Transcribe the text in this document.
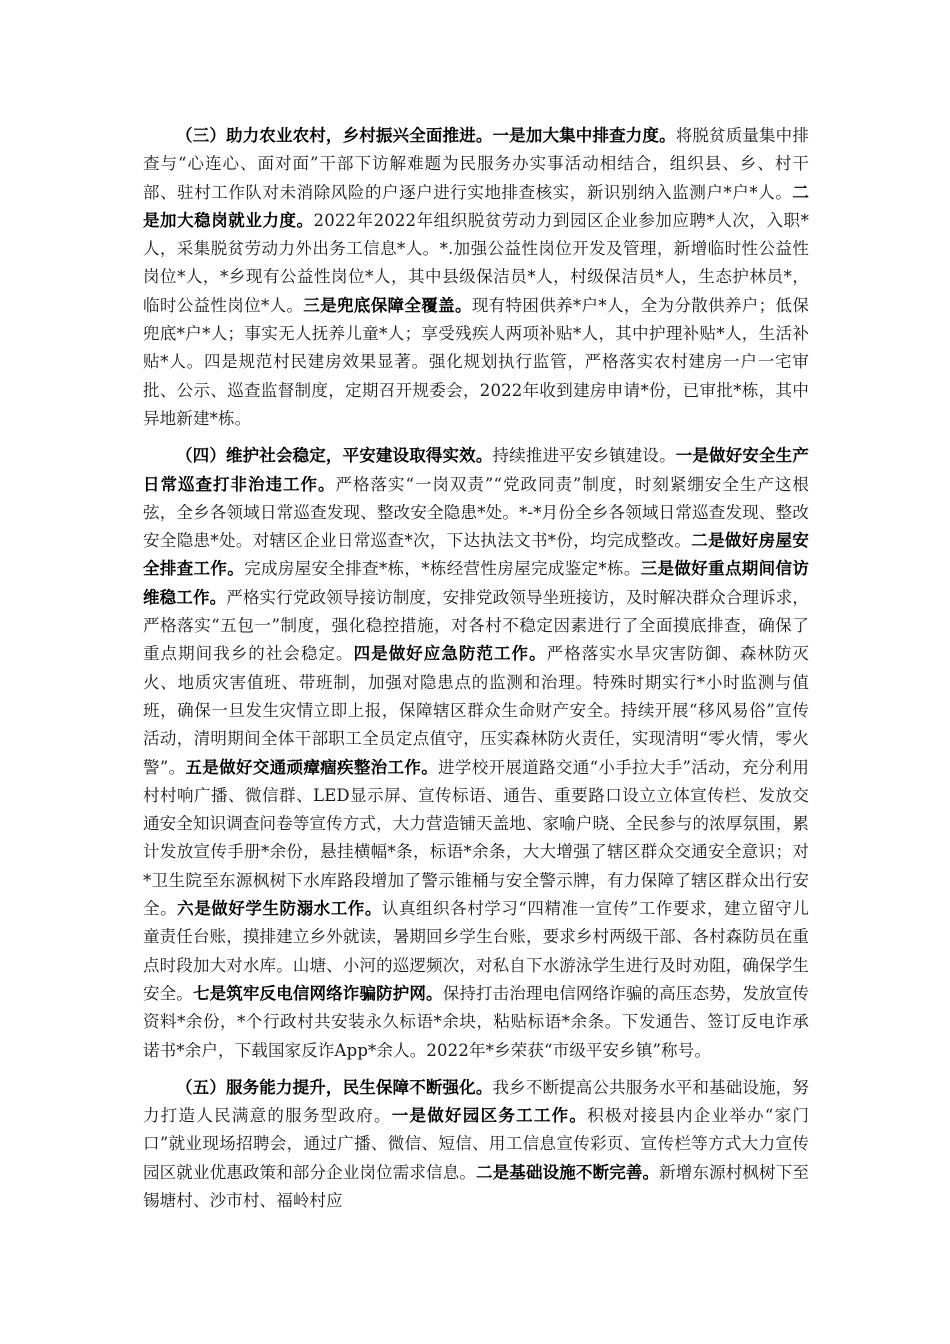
（三）助力农业农村，乡村振兴全面推进。一是加大集中排查力度。将脱贫质量集中排查与“心连心、面对面”干部下访解难题为民服务办实事活动相结合，组织县、乡、村干部、驻村工作队对未消除风险的户逐户进行实地排查核实，新识别纳入监测户*户*人。二是加大稳岗就业力度。2022年2022年组织脱贫劳动力到园区企业参加应聘*人次，入职*人，采集脱贫劳动力外出务工信息*人。*.加强公益性岗位开发及管理，新增临时性公益性岗位*人，*乡现有公益性岗位*人，其中县级保洁员*人，村级保洁员*人，生态护林员*，临时公益性岗位*人。三是兜底保障全覆盖。现有特困供养*户*人，全为分散供养户；低保兜底*户*人；事实无人抚养儿童*人；享受残疾人两项补贴*人，其中护理补贴*人，生活补贴*人。四是规范村民建房效果显著。强化规划执行监管，严格落实农村建房一户一宅审批、公示、巡查监督制度，定期召开规委会，2022年收到建房申请*份，已审批*栋，其中异地新建*栋。

（四）维护社会稳定，平安建设取得实效。持续推进平安乡镇建设。一是做好安全生产日常巡查打非治违工作。严格落实“一岗双责”“党政同责”制度，时刻紧绷安全生产这根弦，全乡各领域日常巡查发现、整改安全隐患*处。*-*月份全乡各领域日常巡查发现、整改安全隐患*处。对辖区企业日常巡查*次，下达执法文书*份，均完成整改。二是做好房屋安全排查工作。完成房屋安全排查*栋，*栋经营性房屋完成鉴定*栋。三是做好重点期间信访维稳工作。严格实行党政领导接访制度，安排党政领导坐班接访，及时解决群众合理诉求，严格落实“五包一”制度，强化稳控措施，对各村不稳定因素进行了全面摸底排查，确保了重点期间我乡的社会稳定。四是做好应急防范工作。严格落实水旱灾害防御、森林防灭火、地质灾害值班、带班制，加强对隐患点的监测和治理。特殊时期实行*小时监测与值班，确保一旦发生灾情立即上报，保障辖区群众生命财产安全。持续开展“移风易俗”宣传活动，清明期间全体干部职工全员定点值守，压实森林防火责任，实现清明“零火情，零火警”。五是做好交通顽瘴痼疾整治工作。进学校开展道路交通“小手拉大手”活动，充分利用村村响广播、微信群、LED显示屏、宣传标语、通告、重要路口设立立体宣传栏、发放交通安全知识调查问卷等宣传方式，大力营造铺天盖地、家喻户晓、全民参与的浓厚氛围，累计发放宣传手册*余份，悬挂横幅*条，标语*余条，大大增强了辖区群众交通安全意识；对*卫生院至东源枫树下水库路段增加了警示锥桶与安全警示牌，有力保障了辖区群众出行安全。六是做好学生防溺水工作。认真组织各村学习“四精准一宣传”工作要求，建立留守儿童责任台账，摸排建立乡外就读，暑期回乡学生台账，要求乡村两级干部、各村森防员在重点时段加大对水库。山塘、小河的巡逻频次，对私自下水游泳学生进行及时劝阻，确保学生安全。七是筑牢反电信网络诈骗防护网。保持打击治理电信网络诈骗的高压态势，发放宣传资料*余份，*个行政村共安装永久标语*余块，粘贴标语*余条。下发通告、签订反电诈承诺书*余户，下载国家反诈App*余人。2022年*乡荣获“市级平安乡镇”称号。

（五）服务能力提升，民生保障不断强化。我乡不断提高公共服务水平和基础设施，努力打造人民满意的服务型政府。一是做好园区务工工作。积极对接县内企业举办“家门口”就业现场招聘会，通过广播、微信、短信、用工信息宣传彩页、宣传栏等方式大力宣传园区就业优惠政策和部分企业岗位需求信息。二是基础设施不断完善。新增东源村枫树下至锡塘村、沙市村、福岭村应
